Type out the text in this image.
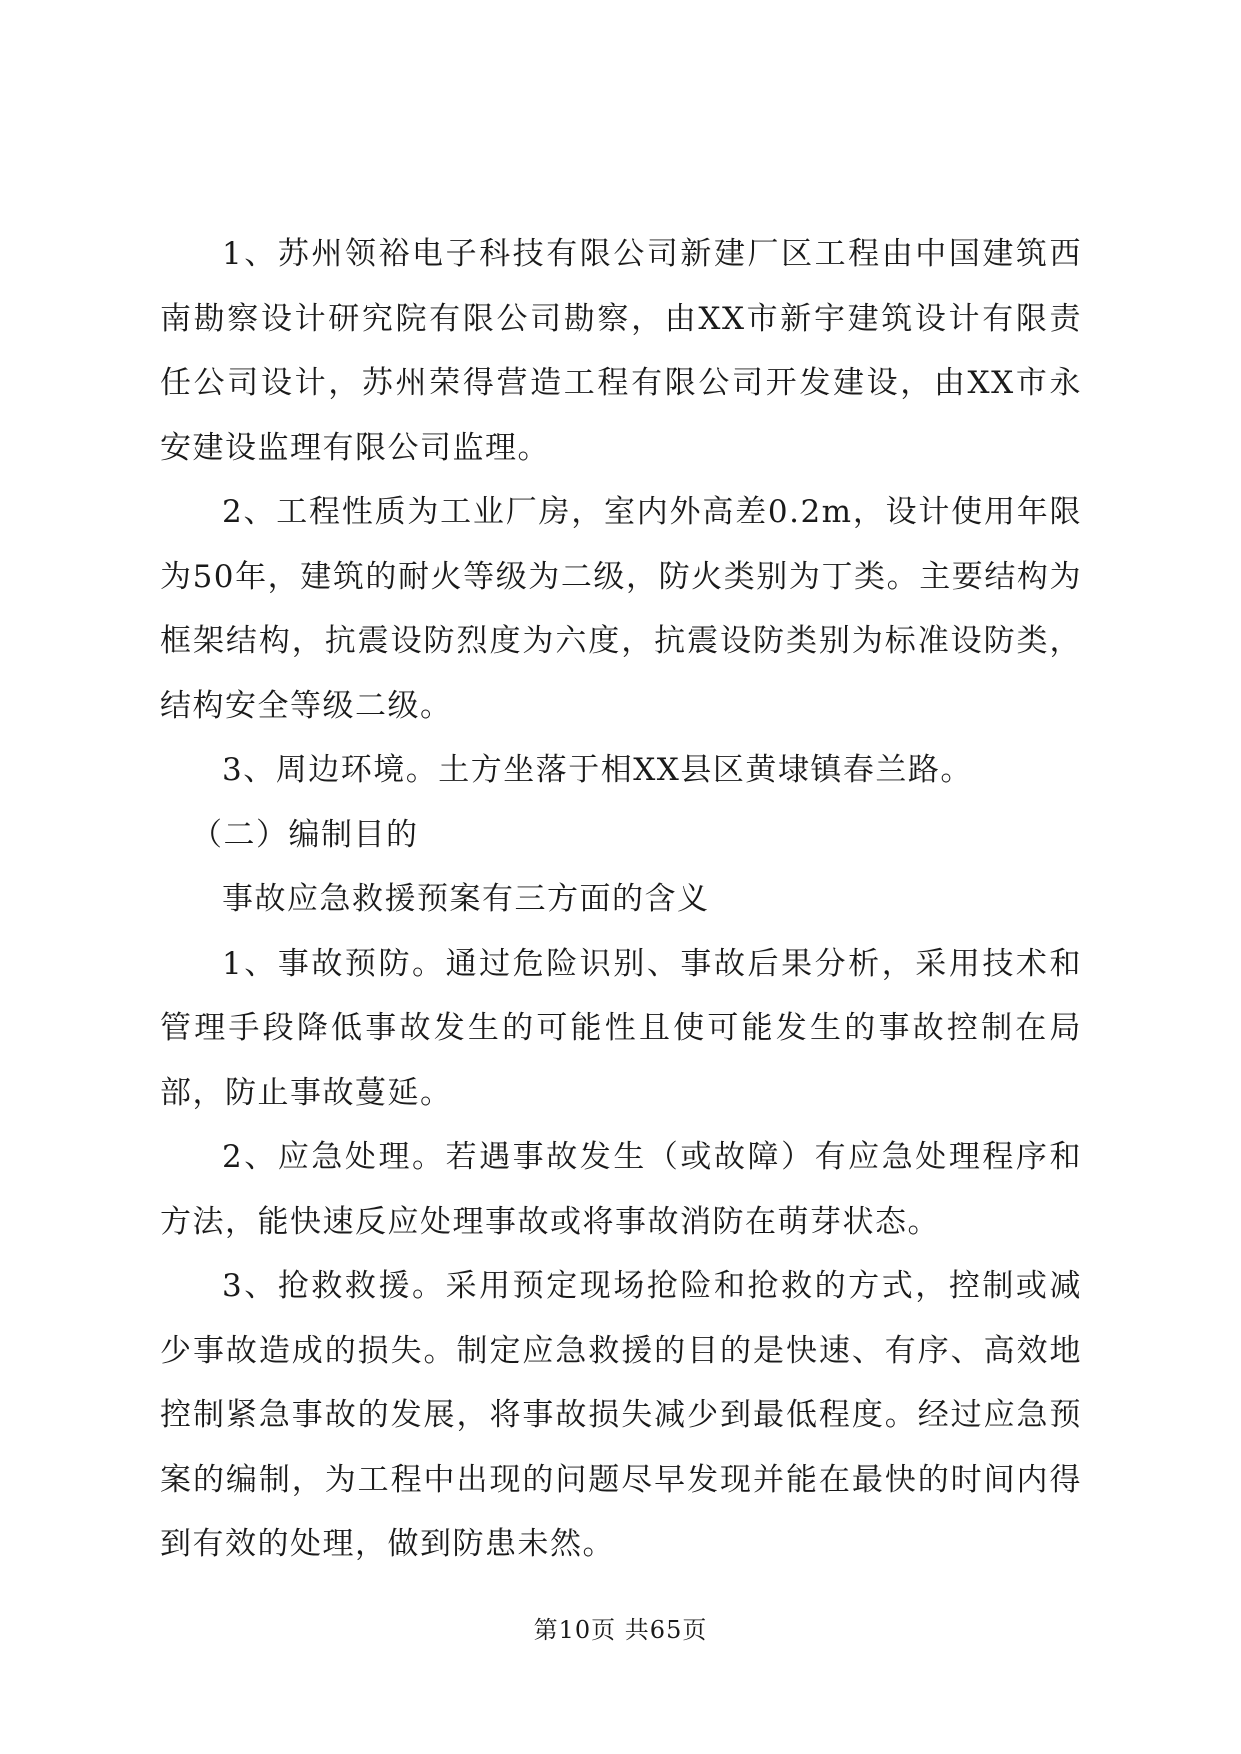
1、苏州领裕电子科技有限公司新建厂区工程由中国建筑西南勘察设计研究院有限公司勘察，由XX市新宇建筑设计有限责任公司设计，苏州荣得营造工程有限公司开发建设，由XX市永安建设监理有限公司监理。

2、工程性质为工业厂房，室内外高差0.2m，设计使用年限为50年，建筑的耐火等级为二级，防火类别为丁类。主要结构为框架结构，抗震设防烈度为六度，抗震设防类别为标准设防类，结构安全等级二级。

3、周边环境。土方坐落于相XX县区黄埭镇春兰路。

（二）编制目的

事故应急救援预案有三方面的含义

1、事故预防。通过危险识别、事故后果分析，采用技术和管理手段降低事故发生的可能性且使可能发生的事故控制在局部，防止事故蔓延。

2、应急处理。若遇事故发生（或故障）有应急处理程序和方法，能快速反应处理事故或将事故消防在萌芽状态。

3、抢救救援。采用预定现场抢险和抢救的方式，控制或减少事故造成的损失。制定应急救援的目的是快速、有序、高效地控制紧急事故的发展，将事故损失减少到最低程度。经过应急预案的编制，为工程中出现的问题尽早发现并能在最快的时间内得到有效的处理，做到防患未然。

第10页 共65页
